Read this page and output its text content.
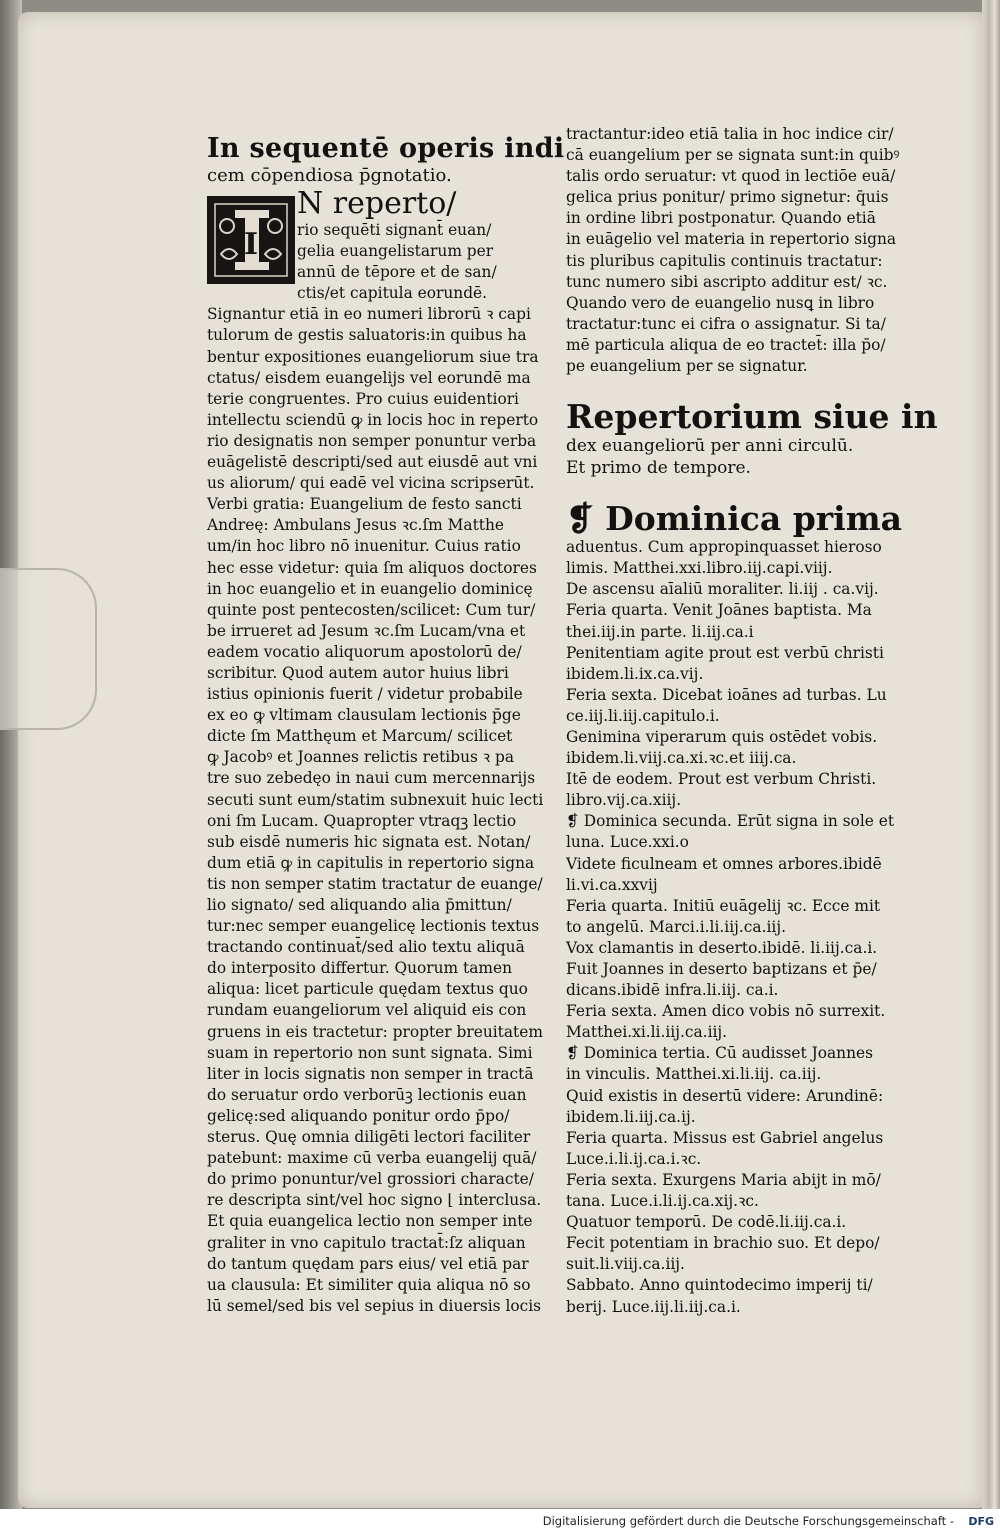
I

In sequentē operis indi

cem cōpendiosa p̄gnotatio.

N reperto/

rio sequēti signant̄ euan/

gelia euangelistarum per

annū de tēpore et de san/

ctis/et capitula eorundē.

Signantur etiā in eo numeri librorū ꝛ capi

tulorum de gestis saluatoris:in quibus ha

bentur expositiones euangeliorum siue tra

ctatus/ eisdem euangelijs vel eorundē ma

terie congruentes. Pro cuius euidentiori

intellectu sciendū ꝙ in locis hoc in reperto

rio designatis non semper ponuntur verba

euāgelistē descripti/sed aut eiusdē aut vni

us aliorum/ qui eadē vel vicina scripserūt.

Verbi gratia: Euangelium de festo sancti

Andreę: Ambulans Jesus ꝛc.ſm Matthe

um/in hoc libro nō inuenitur. Cuius ratio

hec esse videtur: quia ſm aliquos doctores

in hoc euangelio et in euangelio dominicę

quinte post pentecosten/scilicet: Cum tur/

be irrueret ad Jesum ꝛc.ſm Lucam/vna et

eadem vocatio aliquorum apostolorū de/

scribitur. Quod autem autor huius libri

istius opinionis fuerit / videtur probabile

ex eo ꝙ vltimam clausulam lectionis p̄ge

dicte ſm Matthęum et Marcum/ scilicet

ꝙ Jacobꝰ et Joannes relictis retibus ꝛ pa

tre suo zebedęo in naui cum mercennarijs

secuti sunt eum/statim subnexuit huic lecti

oni ſm Lucam. Quapropter vtraqꝫ lectio

sub eisdē numeris hic signata est. Notan/

dum etiā ꝙ in capitulis in repertorio signa

tis non semper statim tractatur de euange/

lio signato/ sed aliquando alia p̄mittun/

tur:nec semper euangelicę lectionis textus

tractando continuat̄/sed alio textu aliquā

do interposito differtur. Quorum tamen

aliqua: licet particule quędam textus quo

rundam euangeliorum vel aliquid eis con

gruens in eis tractetur: propter breuitatem

suam in repertorio non sunt signata. Simi

liter in locis signatis non semper in tractā

do seruatur ordo verborūꝫ lectionis euan

gelicę:sed aliquando ponitur ordo p̄po/

sterus. Quę omnia diligēti lectori faciliter

patebunt: maxime cū verba euangelij quā/

do primo ponuntur/vel grossiori characte/

re descripta sint/vel hoc signo ⌊ interclusa.

Et quia euangelica lectio non semper inte

graliter in vno capitulo tractat̄:ſz aliquan

do tantum quędam pars eius/ vel etiā par

ua clausula: Et similiter quia aliqua nō so

lū semel/sed bis vel sepius in diuersis locis

tractantur:ideo etiā talia in hoc indice cir/

cā euangelium per se signata sunt:in quibꝰ

talis ordo seruatur: vt quod in lectiōe euā/

gelica prius ponitur/ primo signetur: q̄uis

in ordine libri postponatur. Quando etiā

in euāgelio vel materia in repertorio signa

tis pluribus capitulis continuis tractatur:

tunc numero sibi ascripto additur est/ ꝛc.

Quando vero de euangelio nusꝗ in libro

tractatur:tunc ei cifra o assignatur. Si ta/

mē particula aliqua de eo tractet̄: illa p̄o/

pe euangelium per se signatur.

Repertorium siue in

dex euangeliorū per anni circulū.

Et primo de tempore.

❡ Dominica prima

aduentus. Cum appropinquasset hieroso

limis. Matthei.xxi.libro.iij.capi.viij.

De ascensu aīaliū moraliter. li.iij . ca.vij.

Feria quarta. Venit Joānes baptista. Ma

thei.iij.in parte. li.iij.ca.i

Penitentiam agite prout est verbū christi

ibidem.li.ix.ca.vij.

Feria sexta. Dicebat ioānes ad turbas. Lu

ce.iij.li.iij.capitulo.i.

Genimina viperarum quis ostēdet vobis.

ibidem.li.viij.ca.xi.ꝛc.et iiij.ca.

Itē de eodem. Prout est verbum Christi.

libro.vij.ca.xiij.

❡ Dominica secunda. Erūt signa in sole et

luna. Luce.xxi.o

Videte ficulneam et omnes arbores.ibidē

li.vi.ca.xxvij

Feria quarta. Initiū euāgelij ꝛc. Ecce mit

to angelū. Marci.i.li.iij.ca.iij.

Vox clamantis in deserto.ibidē. li.iij.ca.i.

Fuit Joannes in deserto baptizans et p̄e/

dicans.ibidē infra.li.iij. ca.i.

Feria sexta. Amen dico vobis nō surrexit.

Matthei.xi.li.iij.ca.iij.

❡ Dominica tertia. Cū audisset Joannes

in vinculis. Matthei.xi.li.iij. ca.iij.

Quid existis in desertū videre: Arundinē:

ibidem.li.iij.ca.ij.

Feria quarta. Missus est Gabriel angelus

Luce.i.li.ij.ca.i.ꝛc.

Feria sexta. Exurgens Maria abijt in mō/

tana. Luce.i.li.ij.ca.xij.ꝛc.

Quatuor temporū. De codē.li.iij.ca.i.

Fecit potentiam in brachio suo. Et depo/

suit.li.viij.ca.iij.

Sabbato. Anno quintodecimo imperij ti/

berij. Luce.iij.li.iij.ca.i.

Digitalisierung gefördert durch die Deutsche Forschungsgemeinschaft - DFG
